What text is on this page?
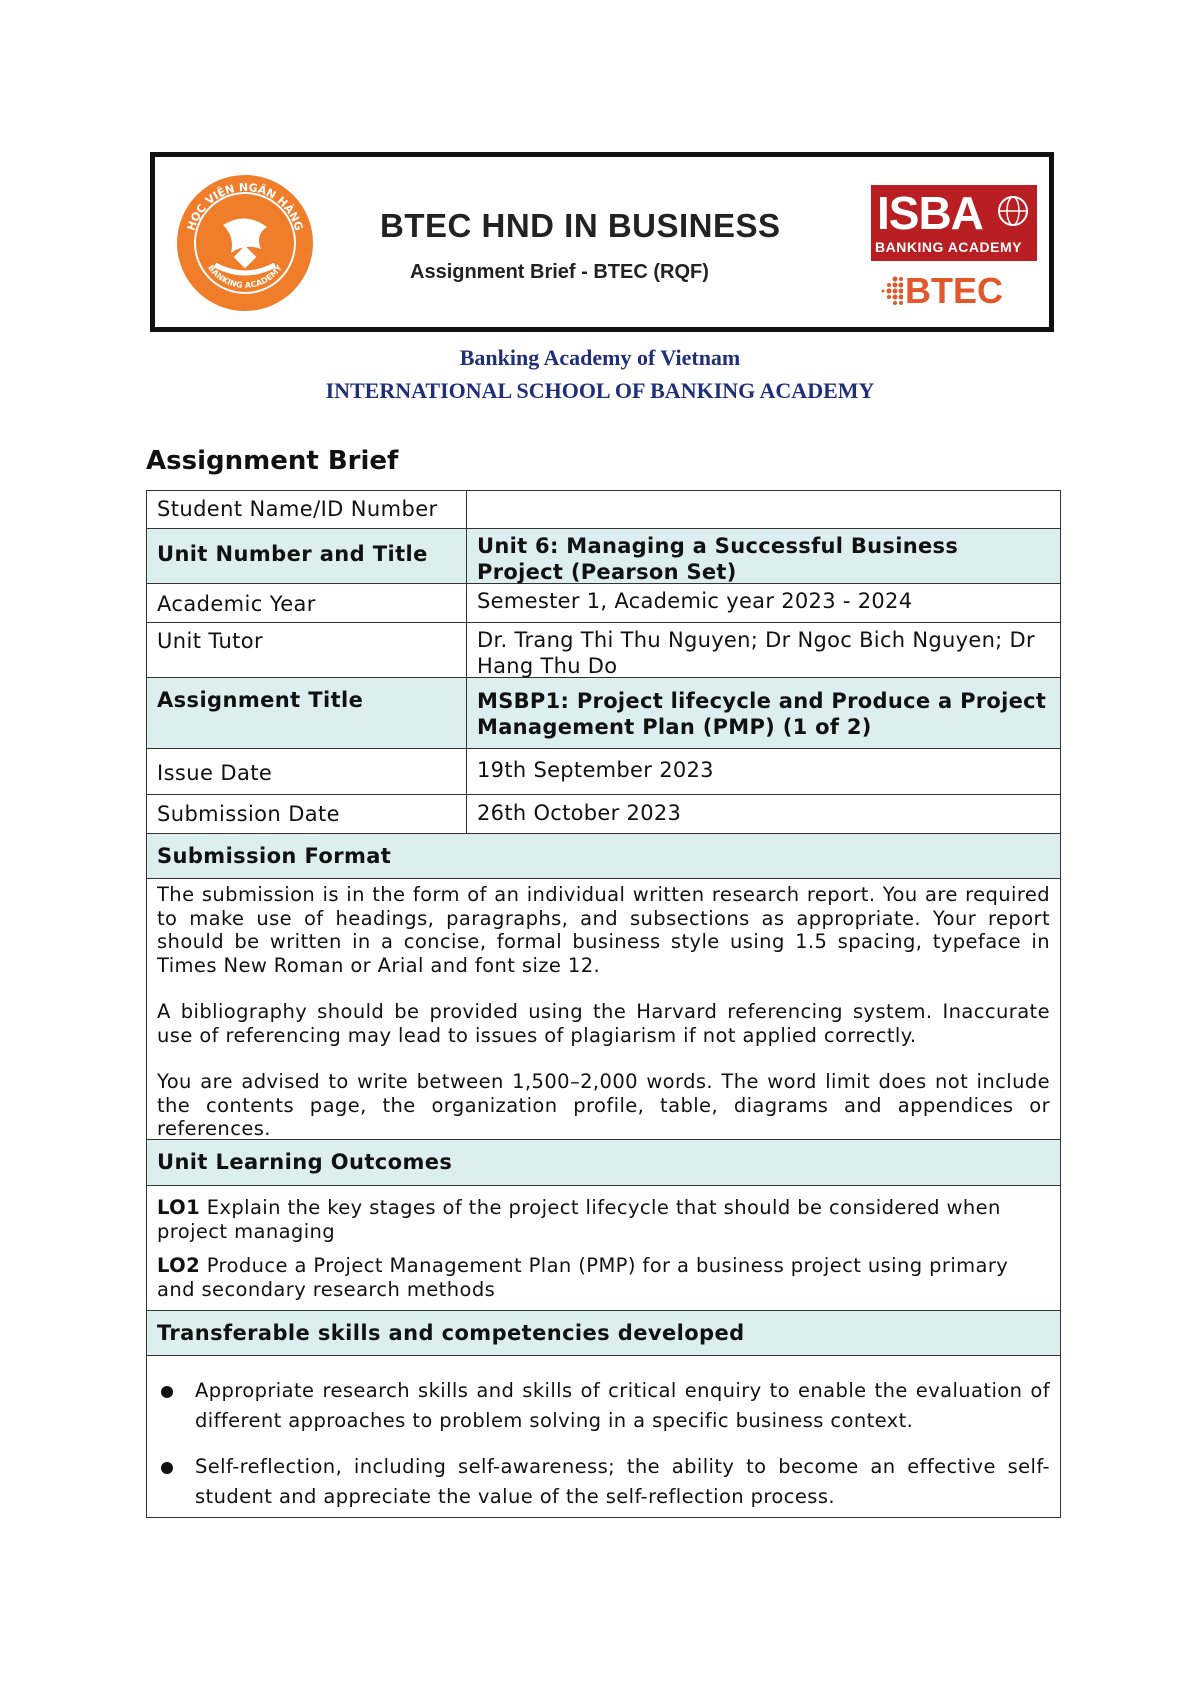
HỌC VIỆN NGÂN HÀNG
BANKING ACADEMY
BTEC HND IN BUSINESS
Assignment Brief - BTEC (RQF)
ISBA
BANKING ACADEMY
BTEC
Banking Academy of Vietnam
INTERNATIONAL SCHOOL OF BANKING ACADEMY
Assignment Brief
Student Name/ID Number
Unit Number and Title	Unit 6: Managing a Successful Business Project (Pearson Set)
Academic Year	Semester 1, Academic year 2023 - 2024
Unit Tutor	Dr. Trang Thi Thu Nguyen; Dr Ngoc Bich Nguyen; Dr Hang Thu Do
Assignment Title	MSBP1: Project lifecycle and Produce a Project Management Plan (PMP) (1 of 2)
Issue Date	19th September 2023
Submission Date	26th October 2023
Submission Format

The submission is in the form of an individual written research report. You are required to make use of headings, paragraphs, and subsections as appropriate. Your report should be written in a concise, formal business style using 1.5 spacing, typeface in Times New Roman or Arial and font size 12.

A bibliography should be provided using the Harvard referencing system. Inaccurate use of referencing may lead to issues of plagiarism if not applied correctly.

You are advised to write between 1,500–2,000 words. The word limit does not include the contents page, the organization profile, table, diagrams and appendices or references.

Unit Learning Outcomes

LO1 Explain the key stages of the project lifecycle that should be considered when project managing

LO2 Produce a Project Management Plan (PMP) for a business project using primary and secondary research methods

Transferable skills and competencies developed
Appropriate research skills and skills of critical enquiry to enable the evaluation of different approaches to problem solving in a specific business context.
Self-reflection, including self-awareness; the ability to become an effective self-student and appreciate the value of the self-reflection process.
